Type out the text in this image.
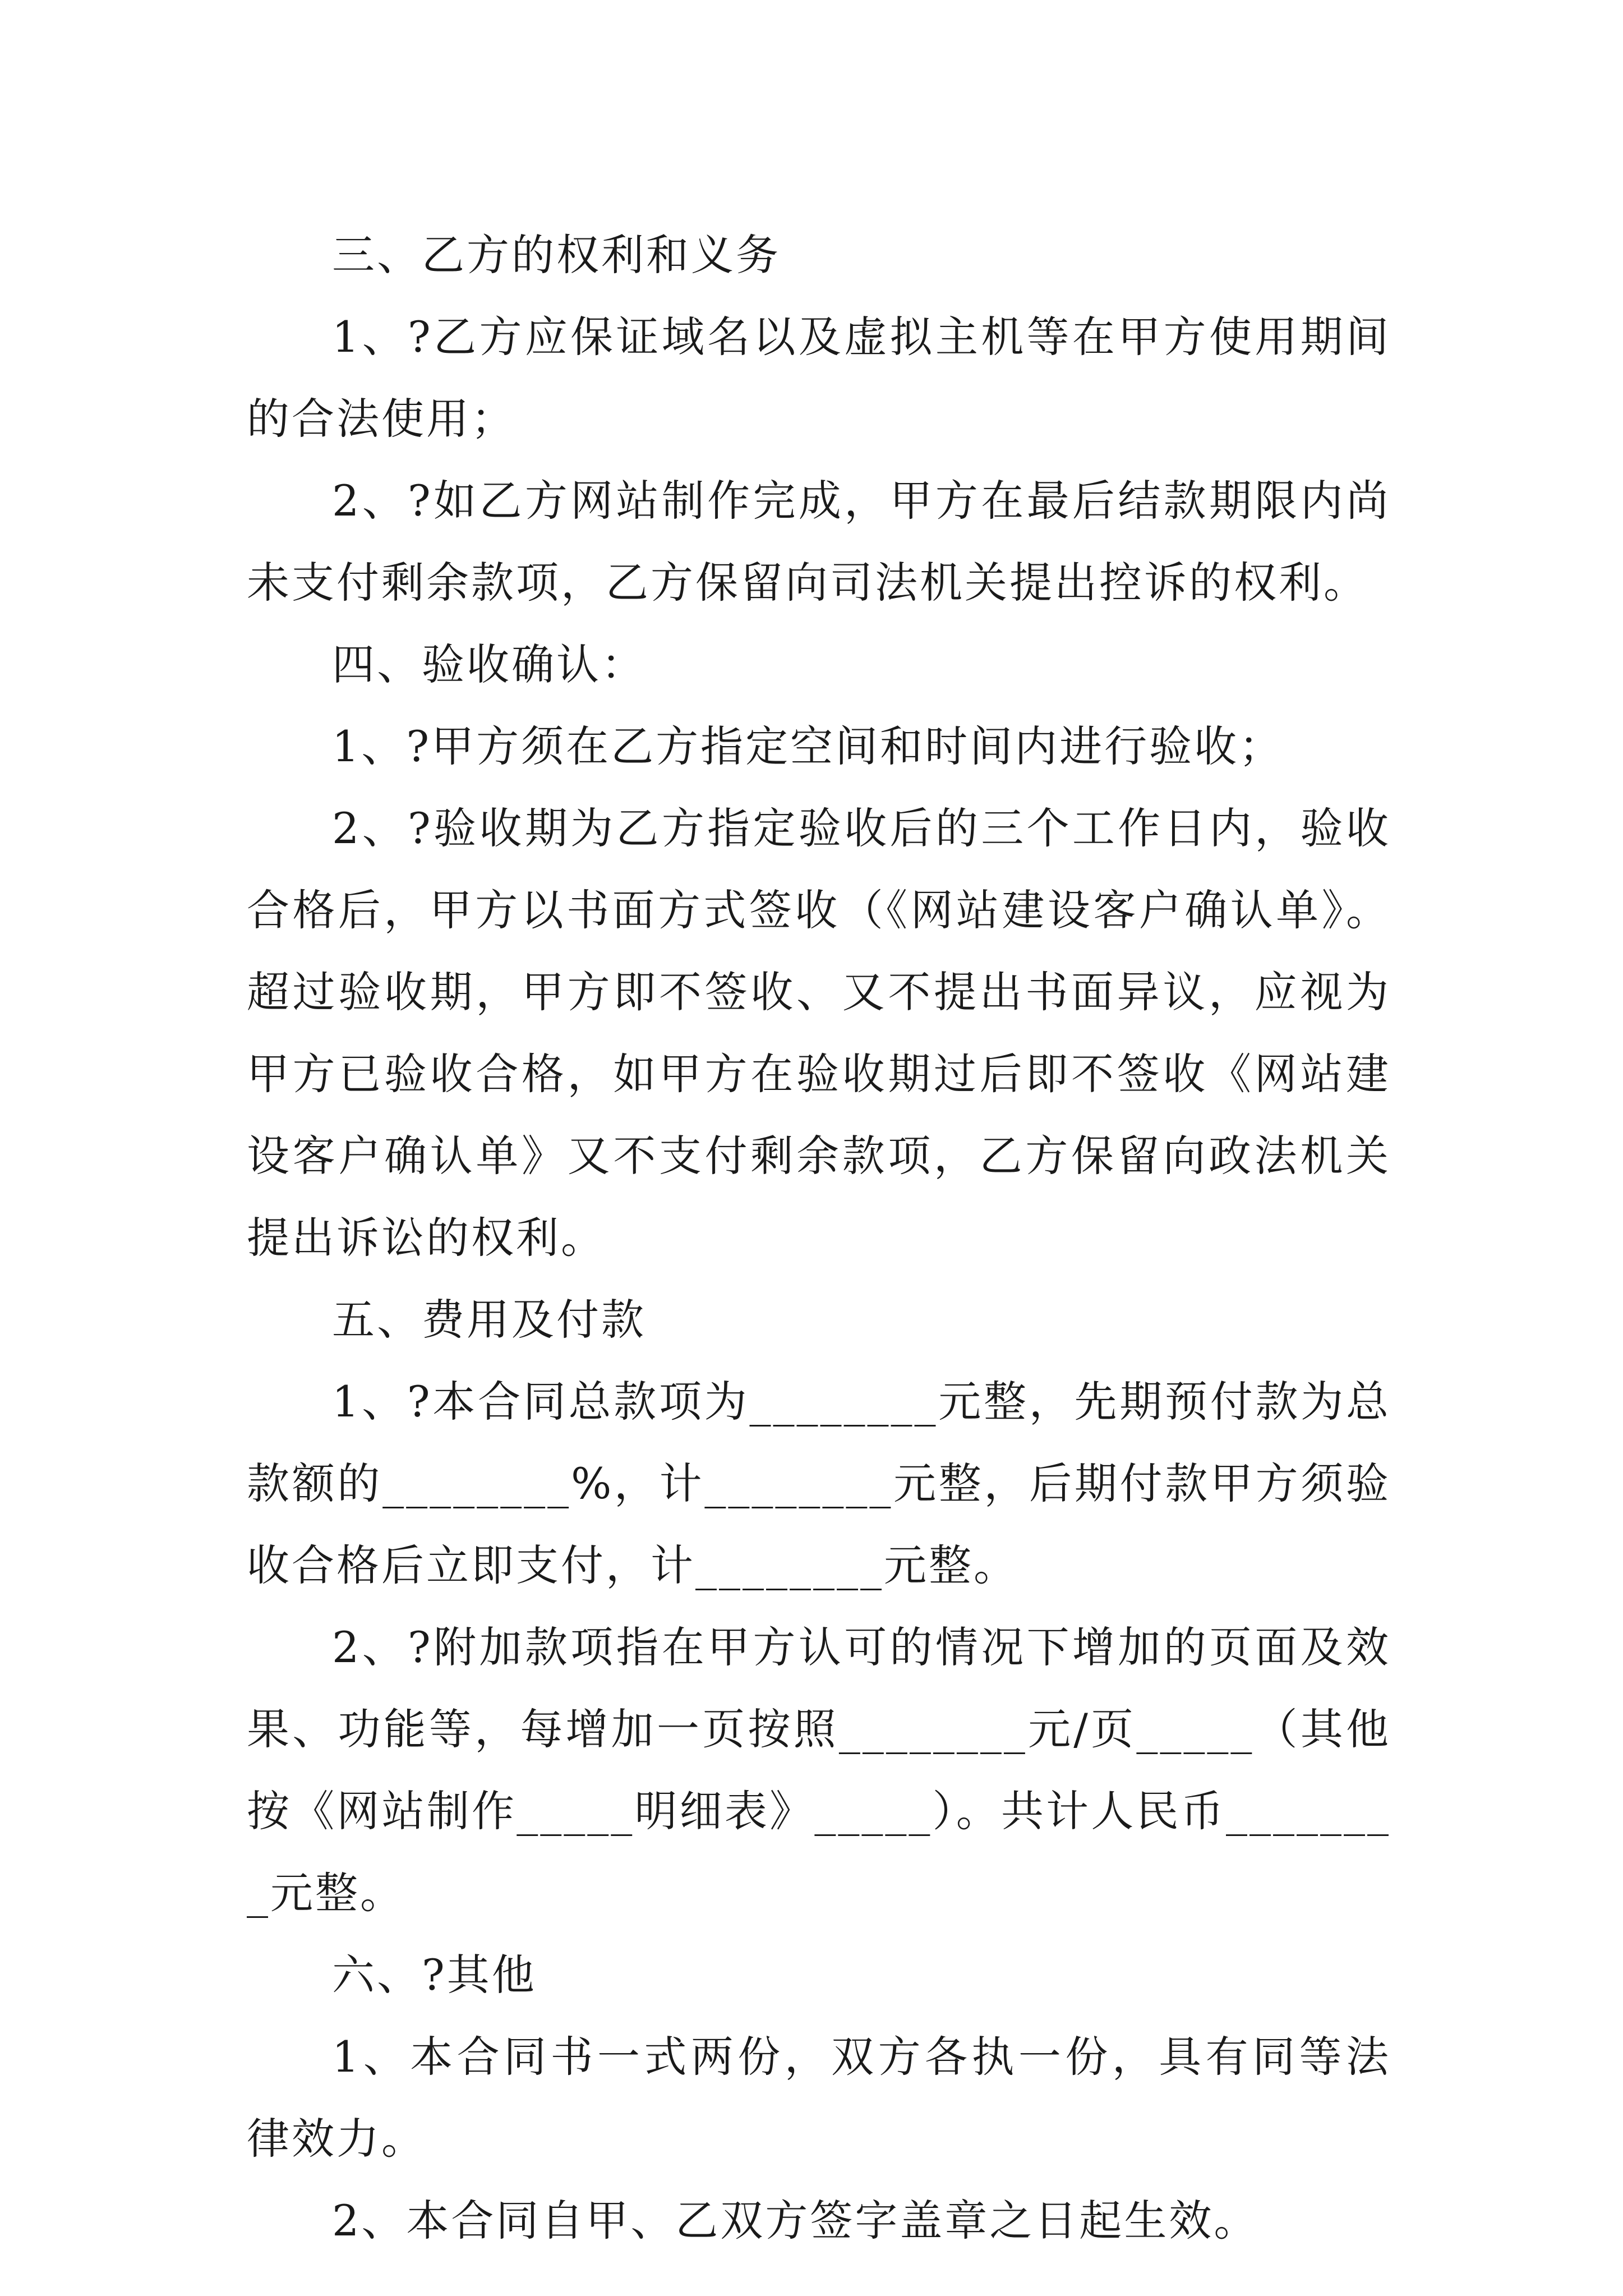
三、乙方的权利和义务

1、?乙方应保证域名以及虚拟主机等在甲方使用期间的合法使用；

2、?如乙方网站制作完成，甲方在最后结款期限内尚未支付剩余款项，乙方保留向司法机关提出控诉的权利。

四、验收确认：

1、?甲方须在乙方指定空间和时间内进行验收；

2、?验收期为乙方指定验收后的三个工作日内，验收合格后，甲方以书面方式签收（《网站建设客户确认单》。超过验收期，甲方即不签收、又不提出书面异议，应视为甲方已验收合格，如甲方在验收期过后即不签收《网站建设客户确认单》又不支付剩余款项，乙方保留向政法机关提出诉讼的权利。

五、费用及付款

1、?本合同总款项为________元整，先期预付款为总款额的________%，计________元整，后期付款甲方须验收合格后立即支付，计________元整。

2、?附加款项指在甲方认可的情况下增加的页面及效果、功能等，每增加一页按照________元/页_____（其他按《网站制作_____明细表》_____）。共计人民币________元整。

六、?其他

1、本合同书一式两份，双方各执一份，具有同等法律效力。

2、本合同自甲、乙双方签字盖章之日起生效。
